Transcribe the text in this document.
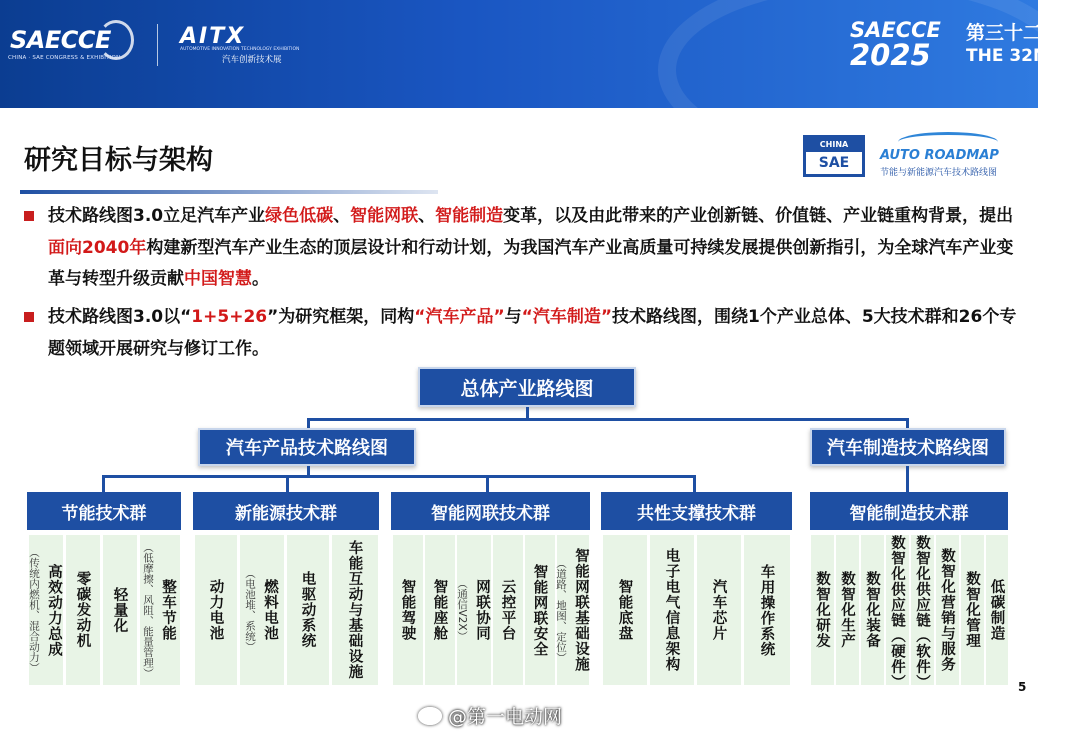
SAECCE
CHINA · SAE CONGRESS & EXHIBITION
AITX
AUTOMOTIVE INNOVATION TECHNOLOGY EXHIBITION
汽车创新技术展
SAECCE
2025
第三十二
THE 32ND
研究目标与架构
CHINA
SAE	AUTO ROADMAP
节能与新能源汽车技术路线图
技术路线图3.0立足汽车产业绿色低碳、智能网联、智能制造变革，以及由此带来的产业创新链、价值链、产业链重构背景，提出面向2040年构建新型汽车产业生态的顶层设计和行动计划，为我国汽车产业高质量可持续发展提供创新指引，为全球汽车产业变革与转型升级贡献中国智慧。
技术路线图3.0以“1+5+26”为研究框架，同构“汽车产品”与“汽车制造”技术路线图，围绕1个产业总体、5大技术群和26个专题领域开展研究与修订工作。
总体产业路线图
汽车产品技术路线图	汽车制造技术路线图
节能技术群	新能源技术群	智能网联技术群	共性支撑技术群	智能制造技术群
高效动力总成
（传统内燃机、混合动力） 零碳发动机 轻量化 整车节能
（低摩擦、风阻、能量管理）	动力电池	燃料电池
（电池堆、系统）	电驱动系统 车能互动与基础设施	智能驾驶 智能座舱 网联协同
（通信V2X） 云控平台 智能网联安全 智能网联基础设施
（道路、地图、定位）	智能底盘 电子电气信息架构 汽车芯片 车用操作系统	数智化研发 数智化生产 数智化装备 数智化供应链（硬件） 数智化供应链（软件） 数智化营销与服务 数智化管理 低碳制造
5
@第一电动网
